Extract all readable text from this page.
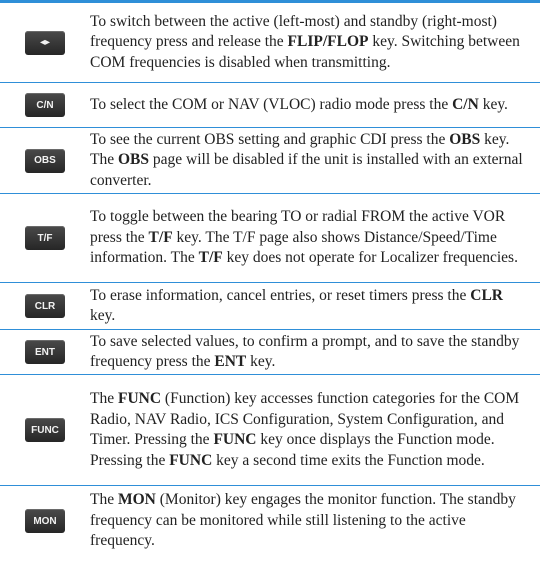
◂▸
To switch between the active (left-most) and standby (right-most) frequency press and release the FLIP/FLOP key. Switching between COM frequencies is disabled when transmitting.
C/N	To select the COM or NAV (VLOC) radio mode press the C/N key.
OBS
To see the current OBS setting and graphic CDI press the OBS key. The OBS page will be disabled if the unit is installed with an external converter.
T/F
To toggle between the bearing TO or radial FROM the active VOR press the T/F key. The T/F page also shows Distance/Speed/Time information. The T/F key does not operate for Localizer frequencies.
CLR
To erase information, cancel entries, or reset timers press the CLR key.
ENT
To save selected values, to confirm a prompt, and to save the standby frequency press the ENT key.
FUNC
The FUNC (Function) key accesses function categories for the COM Radio, NAV Radio, ICS Configuration, System Configuration, and Timer. Pressing the FUNC key once displays the Function mode. Pressing the FUNC key a second time exits the Function mode.
MON
The MON (Monitor) key engages the monitor function. The standby frequency can be monitored while still listening to the active frequency.
